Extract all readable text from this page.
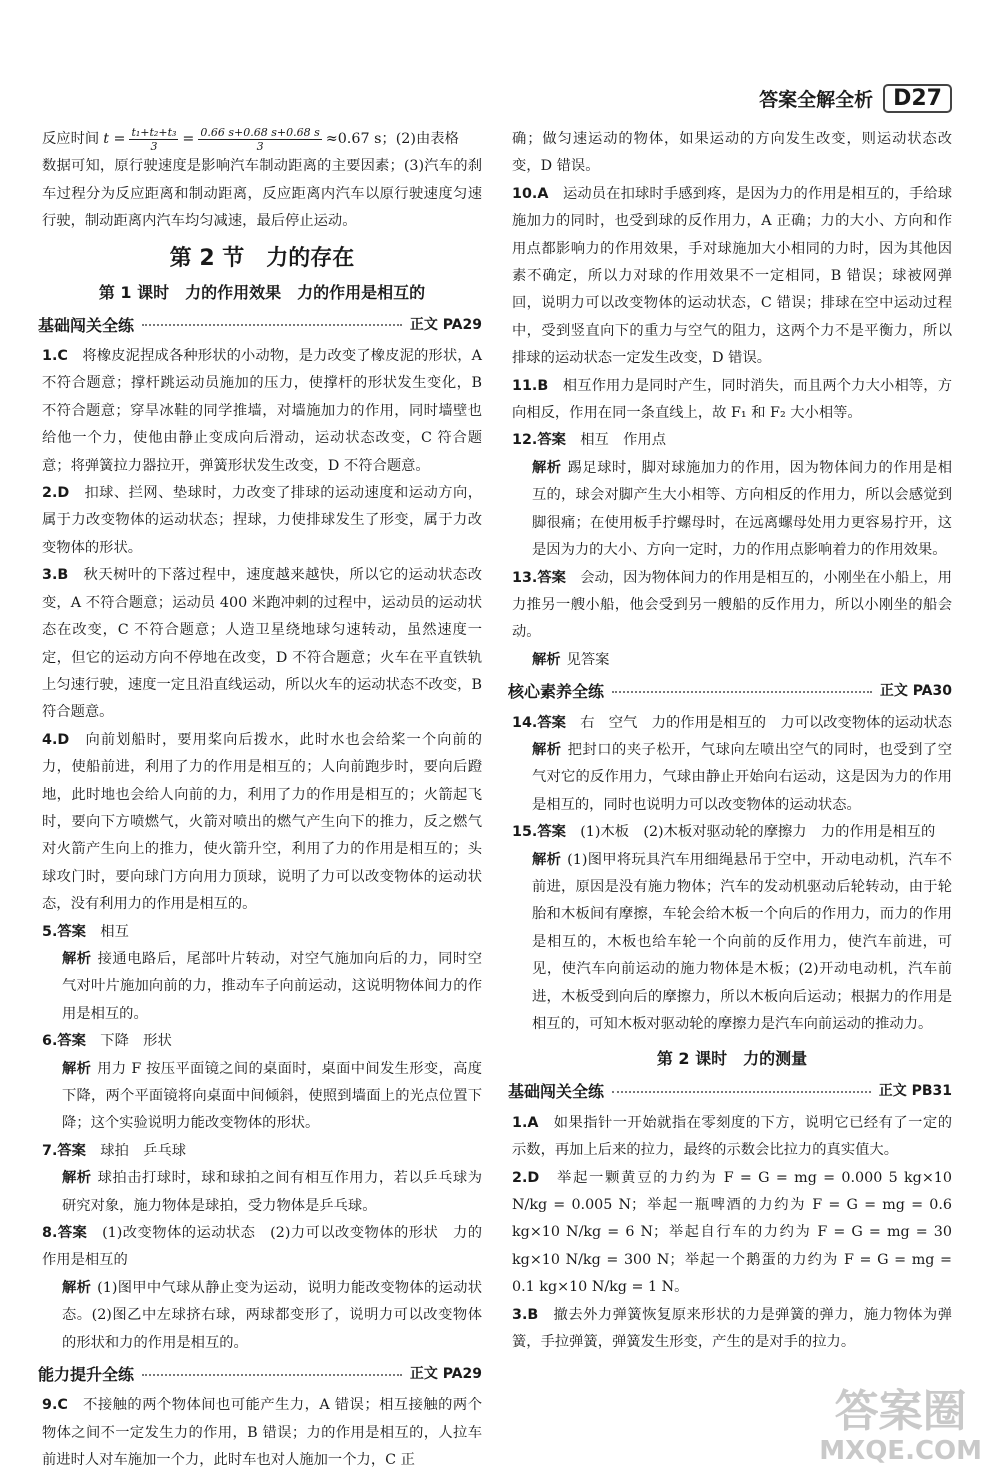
答案全解全析 D27
反应时间 $t = \frac{\text{t₁+t₂+t₃}}{3} = \frac{0.66 s+0.68 s+0.68 s}{3} \approx 0.67$ s；(2)由表格

数据可知，原行驶速度是影响汽车制动距离的主要因素；(3)汽车的刹车过程分为反应距离和制动距离，反应距离内汽车以原行驶速度匀速行驶，制动距离内汽车均匀减速，最后停止运动。

第 2 节　力的存在
第 1 课时　力的作用效果　力的作用是相互的
基础闯关全练	正文 PA29

1.C　 将橡皮泥捏成各种形状的小动物，是力改变了橡皮泥的形状，A 不符合题意；撑杆跳运动员施加的压力，使撑杆的形状发生变化，B 不符合题意；穿旱冰鞋的同学推墙，对墙施加力的作用，同时墙壁也给他一个力，使他由静止变成向后滑动，运动状态改变，C 符合题意；将弹簧拉力器拉开，弹簧形状发生改变，D 不符合题意。

2.D　 扣球、拦网、垫球时，力改变了排球的运动速度和运动方向，属于力改变物体的运动状态；捏球，力使排球发生了形变，属于力改变物体的形状。

3.B　 秋天树叶的下落过程中，速度越来越快，所以它的运动状态改变，A 不符合题意；运动员 400 米跑冲刺的过程中，运动员的运动状态在改变，C 不符合题意；人造卫星绕地球匀速转动，虽然速度一定，但它的运动方向不停地在改变，D 不符合题意；火车在平直铁轨上匀速行驶，速度一定且沿直线运动，所以火车的运动状态不改变，B 符合题意。

4.D　 向前划船时，要用桨向后拨水，此时水也会给桨一个向前的力，使船前进，利用了力的作用是相互的；人向前跑步时，要向后蹬地，此时地也会给人向前的力，利用了力的作用是相互的；火箭起飞时，要向下方喷燃气，火箭对喷出的燃气产生向下的推力，反之燃气对火箭产生向上的推力，使火箭升空，利用了力的作用是相互的；头球攻门时，要向球门方向用力顶球，说明了力可以改变物体的运动状态，没有利用力的作用是相互的。

5.答案　 相互

解析 接通电路后，尾部叶片转动，对空气施加向后的力，同时空气对叶片施加向前的力，推动车子向前运动，这说明物体间力的作用是相互的。

6.答案　 下降　形状

解析 用力 F 按压平面镜之间的桌面时，桌面中间发生形变，高度下降，两个平面镜将向桌面中间倾斜，使照到墙面上的光点位置下降；这个实验说明力能改变物体的形状。

7.答案　 球拍　乒乓球

解析 球拍击打球时，球和球拍之间有相互作用力，若以乒乓球为研究对象，施力物体是球拍，受力物体是乒乓球。

8.答案　 (1)改变物体的运动状态　(2)力可以改变物体的形状　力的作用是相互的

解析 (1)图甲中气球从静止变为运动，说明力能改变物体的运动状态。(2)图乙中左球挤右球，两球都变形了，说明力可以改变物体的形状和力的作用是相互的。

能力提升全练	正文 PA29

9.C　 不接触的两个物体间也可能产生力，A 错误；相互接触的两个物体之间不一定发生力的作用，B 错误；力的作用是相互的，人拉车前进时人对车施加一个力，此时车也对人施加一个力，C 正

确；做匀速运动的物体，如果运动的方向发生改变，则运动状态改变，D 错误。

10.A　 运动员在扣球时手感到疼，是因为力的作用是相互的，手给球施加力的同时，也受到球的反作用力，A 正确；力的大小、方向和作用点都影响力的作用效果，手对球施加大小相同的力时，因为其他因素不确定，所以力对球的作用效果不一定相同，B 错误；球被网弹回，说明力可以改变物体的运动状态，C 错误；排球在空中运动过程中，受到竖直向下的重力与空气的阻力，这两个力不是平衡力，所以排球的运动状态一定发生改变，D 错误。

11.B　 相互作用力是同时产生，同时消失，而且两个力大小相等，方向相反，作用在同一条直线上，故 F₁ 和 F₂ 大小相等。

12.答案　 相互　作用点

解析 踢足球时，脚对球施加力的作用，因为物体间力的作用是相互的，球会对脚产生大小相等、方向相反的作用力，所以会感觉到脚很痛；在使用板手拧螺母时，在远离螺母处用力更容易拧开，这是因为力的大小、方向一定时，力的作用点影响着力的作用效果。

13.答案　 会动，因为物体间力的作用是相互的，小刚坐在小船上，用力推另一艘小船，他会受到另一艘船的反作用力，所以小刚坐的船会动。

解析 见答案

核心素养全练	正文 PA30

14.答案　 右　空气　力的作用是相互的　力可以改变物体的运动状态

解析 把封口的夹子松开，气球向左喷出空气的同时，也受到了空气对它的反作用力，气球由静止开始向右运动，这是因为力的作用是相互的，同时也说明力可以改变物体的运动状态。

15.答案　 (1)木板　(2)木板对驱动轮的摩擦力　力的作用是相互的

解析 (1)图甲将玩具汽车用细绳悬吊于空中，开动电动机，汽车不前进，原因是没有施力物体；汽车的发动机驱动后轮转动，由于轮胎和木板间有摩擦，车轮会给木板一个向后的作用力，而力的作用是相互的，木板也给车轮一个向前的反作用力，使汽车前进，可见，使汽车向前运动的施力物体是木板；(2)开动电动机，汽车前进，木板受到向后的摩擦力，所以木板向后运动；根据力的作用是相互的，可知木板对驱动轮的摩擦力是汽车向前运动的推动力。

第 2 课时　力的测量
基础闯关全练	正文 PB31

1.A　 如果指针一开始就指在零刻度的下方，说明它已经有了一定的示数，再加上后来的拉力，最终的示数会比拉力的真实值大。

2.D　 举起一颗黄豆的力约为 F = G = mg = 0.000 5 kg×10 N/kg = 0.005 N；举起一瓶啤酒的力约为 F = G = mg = 0.6 kg×10 N/kg = 6 N；举起自行车的力约为 F = G = mg = 30 kg×10 N/kg = 300 N；举起一个鹅蛋的力约为 F = G = mg = 0.1 kg×10 N/kg = 1 N。

3.B　 撤去外力弹簧恢复原来形状的力是弹簧的弹力，施力物体为弹簧，手拉弹簧，弹簧发生形变，产生的是对手的拉力。

答案圈
MXQE.COM
